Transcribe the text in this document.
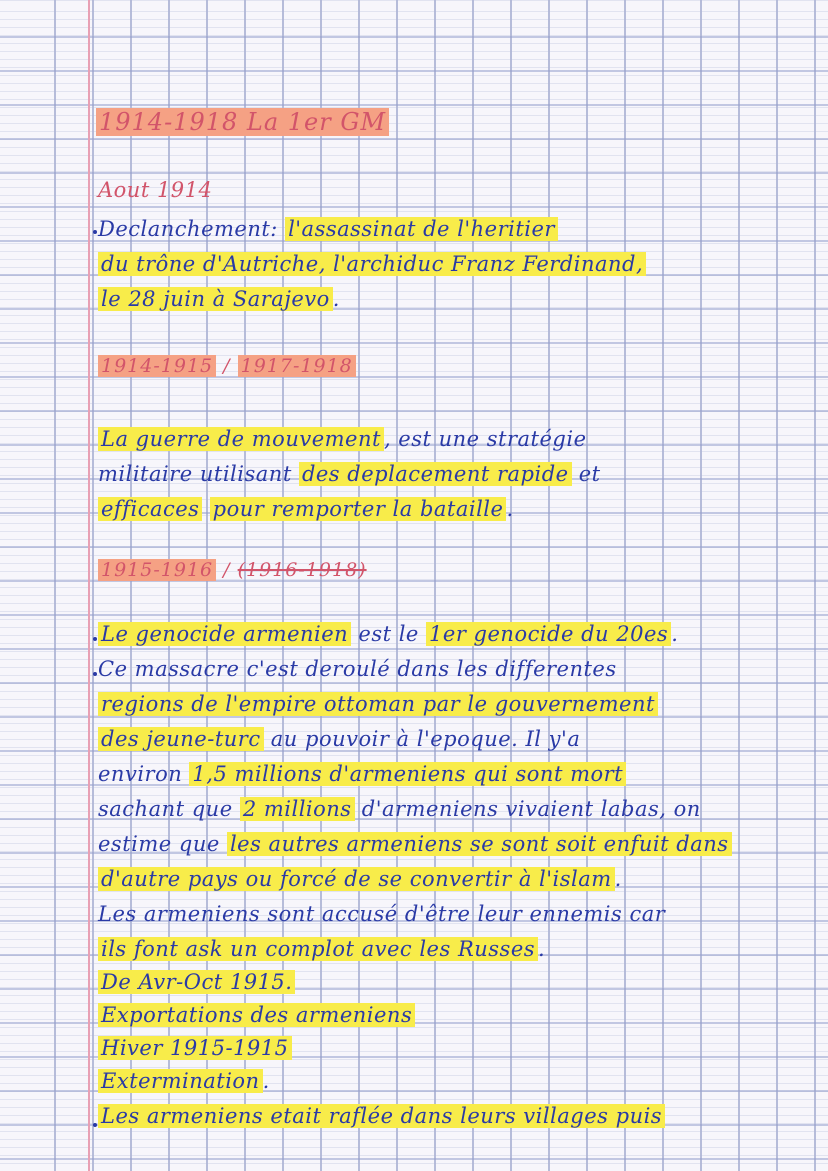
1914-1918 La 1er GM
Aout 1914
Declanchement: l'assassinat de l'heritier
du trône d'Autriche, l'archiduc Franz Ferdinand,
le 28 juin à Sarajevo .
1914-1915 / 1917-1918
La guerre de mouvement , est une stratégie
militaire utilisant des deplacement rapide et
efficaces pour remporter la bataille .
1915-1916 / (1916-1918)
Le genocide armenien est le 1er genocide du 20es .
Ce massacre c'est deroulé dans les differentes
regions de l'empire ottoman par le gouvernement
des jeune-turc au pouvoir à l'epoque. Il y'a
environ 1,5 millions d'armeniens qui sont mort
sachant que 2 millions d'armeniens vivaient labas, on
estime que les autres armeniens se sont soit enfuit dans
d'autre pays ou forcé de se convertir à l'islam .
Les armeniens sont accusé d'être leur ennemis car
ils font ask un complot avec les Russes .
De Avr-Oct 1915.
Exportations des armeniens
Hiver 1915-1915
Extermination .
Les armeniens etait raflée dans leurs villages puis
